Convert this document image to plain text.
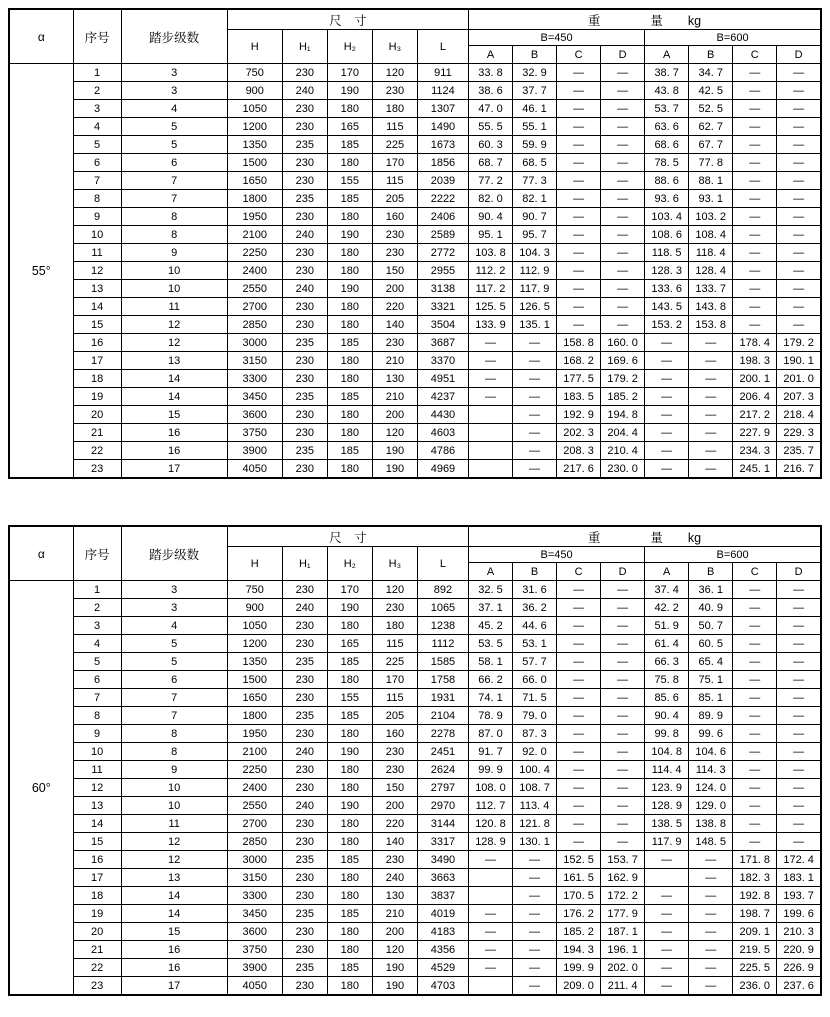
α	序号	踏步级数	尺　寸					重　　　　量　　kg							
			H	H₁	H₂	H₃	L	B=450				B=600			
								A	B	C	D	A	B	C	D
55°	1	3	750	230	170	120	911	33. 8	32. 9	—	—	38. 7	34. 7	—	—
	2	3	900	240	190	230	1124	38. 6	37. 7	—	—	43. 8	42. 5	—	—
	3	4	1050	230	180	180	1307	47. 0	46. 1	—	—	53. 7	52. 5	—	—
	4	5	1200	230	165	115	1490	55. 5	55. 1	—	—	63. 6	62. 7	—	—
	5	5	1350	235	185	225	1673	60. 3	59. 9	—	—	68. 6	67. 7	—	—
	6	6	1500	230	180	170	1856	68. 7	68. 5	—	—	78. 5	77. 8	—	—
	7	7	1650	230	155	115	2039	77. 2	77. 3	—	—	88. 6	88. 1	—	—
	8	7	1800	235	185	205	2222	82. 0	82. 1	—	—	93. 6	93. 1	—	—
	9	8	1950	230	180	160	2406	90. 4	90. 7	—	—	103. 4	103. 2	—	—
	10	8	2100	240	190	230	2589	95. 1	95. 7	—	—	108. 6	108. 4	—	—
	11	9	2250	230	180	230	2772	103. 8	104. 3	—	—	118. 5	118. 4	—	—
	12	10	2400	230	180	150	2955	112. 2	112. 9	—	—	128. 3	128. 4	—	—
	13	10	2550	240	190	200	3138	117. 2	117. 9	—	—	133. 6	133. 7	—	—
	14	11	2700	230	180	220	3321	125. 5	126. 5	—	—	143. 5	143. 8	—	—
	15	12	2850	230	180	140	3504	133. 9	135. 1	—	—	153. 2	153. 8	—	—
	16	12	3000	235	185	230	3687	—	—	158. 8	160. 0	—	—	178. 4	179. 2
	17	13	3150	230	180	210	3370	—	—	168. 2	169. 6	—	—	198. 3	190. 1
	18	14	3300	230	180	130	4951	—	—	177. 5	179. 2	—	—	200. 1	201. 0
	19	14	3450	235	185	210	4237	—	—	183. 5	185. 2	—	—	206. 4	207. 3
	20	15	3600	230	180	200	4430		—	192. 9	194. 8	—	—	217. 2	218. 4
	21	16	3750	230	180	120	4603		—	202. 3	204. 4	—	—	227. 9	229. 3
	22	16	3900	235	185	190	4786		—	208. 3	210. 4	—	—	234. 3	235. 7
	23	17	4050	230	180	190	4969		—	217. 6	230. 0	—	—	245. 1	216. 7
α	序号	踏步级数	尺　寸					重　　　　量　　kg							
			H	H₁	H₂	H₃	L	B=450				B=600			
								A	B	C	D	A	B	C	D
60°	1	3	750	230	170	120	892	32. 5	31. 6	—	—	37. 4	36. 1	—	—
	2	3	900	240	190	230	1065	37. 1	36. 2	—	—	42. 2	40. 9	—	—
	3	4	1050	230	180	180	1238	45. 2	44. 6	—	—	51. 9	50. 7	—	—
	4	5	1200	230	165	115	1112	53. 5	53. 1	—	—	61. 4	60. 5	—	—
	5	5	1350	235	185	225	1585	58. 1	57. 7	—	—	66. 3	65. 4	—	—
	6	6	1500	230	180	170	1758	66. 2	66. 0	—	—	75. 8	75. 1	—	—
	7	7	1650	230	155	115	1931	74. 1	71. 5	—	—	85. 6	85. 1	—	—
	8	7	1800	235	185	205	2104	78. 9	79. 0	—	—	90. 4	89. 9	—	—
	9	8	1950	230	180	160	2278	87. 0	87. 3	—	—	99. 8	99. 6	—	—
	10	8	2100	240	190	230	2451	91. 7	92. 0	—	—	104. 8	104. 6	—	—
	11	9	2250	230	180	230	2624	99. 9	100. 4	—	—	114. 4	114. 3	—	—
	12	10	2400	230	180	150	2797	108. 0	108. 7	—	—	123. 9	124. 0	—	—
	13	10	2550	240	190	200	2970	112. 7	113. 4	—	—	128. 9	129. 0	—	—
	14	11	2700	230	180	220	3144	120. 8	121. 8	—	—	138. 5	138. 8	—	—
	15	12	2850	230	180	140	3317	128. 9	130. 1	—	—	117. 9	148. 5	—	—
	16	12	3000	235	185	230	3490	—	—	152. 5	153. 7	—	—	171. 8	172. 4
	17	13	3150	230	180	240	3663		—	161. 5	162. 9		—	182. 3	183. 1
	18	14	3300	230	180	130	3837		—	170. 5	172. 2	—	—	192. 8	193. 7
	19	14	3450	235	185	210	4019	—	—	176. 2	177. 9	—	—	198. 7	199. 6
	20	15	3600	230	180	200	4183	—	—	185. 2	187. 1	—	—	209. 1	210. 3
	21	16	3750	230	180	120	4356	—	—	194. 3	196. 1	—	—	219. 5	220. 9
	22	16	3900	235	185	190	4529	—	—	199. 9	202. 0	—	—	225. 5	226. 9
	23	17	4050	230	180	190	4703		—	209. 0	211. 4	—	—	236. 0	237. 6
